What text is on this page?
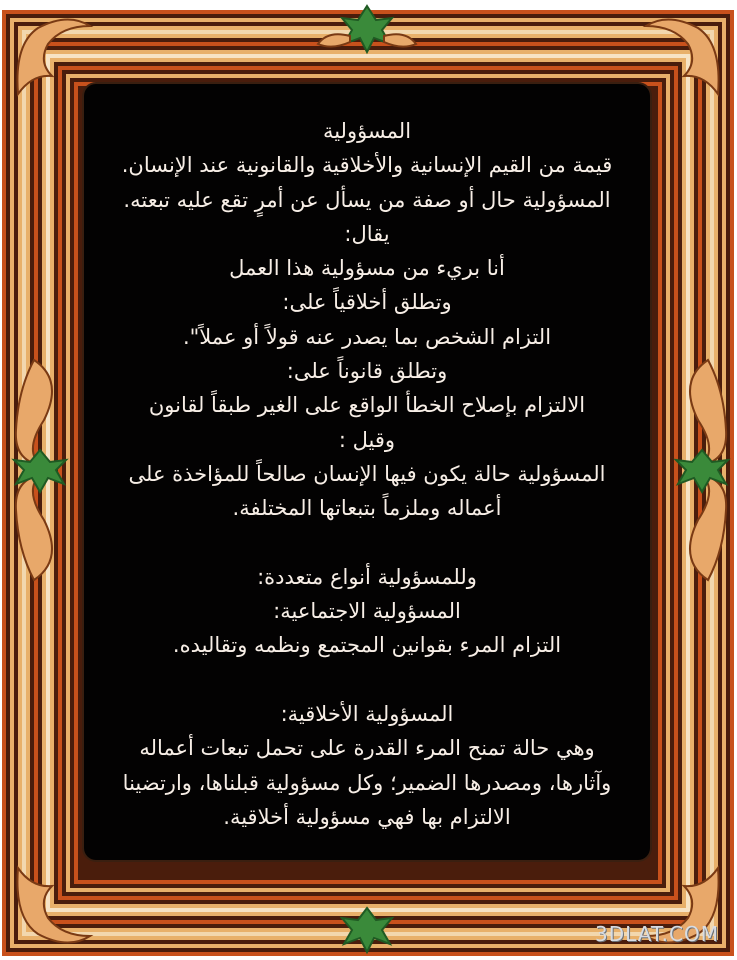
المسؤولية
قيمة من القيم الإنسانية والأخلاقية والقانونية عند الإنسان.
المسؤولية حال أو صفة من يسأل عن أمرٍ تقع عليه تبعته.
يقال:
أنا بريء من مسؤولية هذا العمل
وتطلق أخلاقياً على:
التزام الشخص بما يصدر عنه قولاً أو عملاً".
وتطلق قانوناً على:
الالتزام بإصلاح الخطأ الواقع على الغير طبقاً لقانون
وقيل :
المسؤولية حالة يكون فيها الإنسان صالحاً للمؤاخذة على
أعماله وملزماً بتبعاتها المختلفة.
وللمسؤولية أنواع متعددة:
المسؤولية الاجتماعية:
التزام المرء بقوانين المجتمع ونظمه وتقاليده.
المسؤولية الأخلاقية:
وهي حالة تمنح المرء القدرة على تحمل تبعات أعماله
وآثارها، ومصدرها الضمير؛ وكل مسؤولية قبلناها، وارتضينا
الالتزام بها فهي مسؤولية أخلاقية.
3DLAT.COM
